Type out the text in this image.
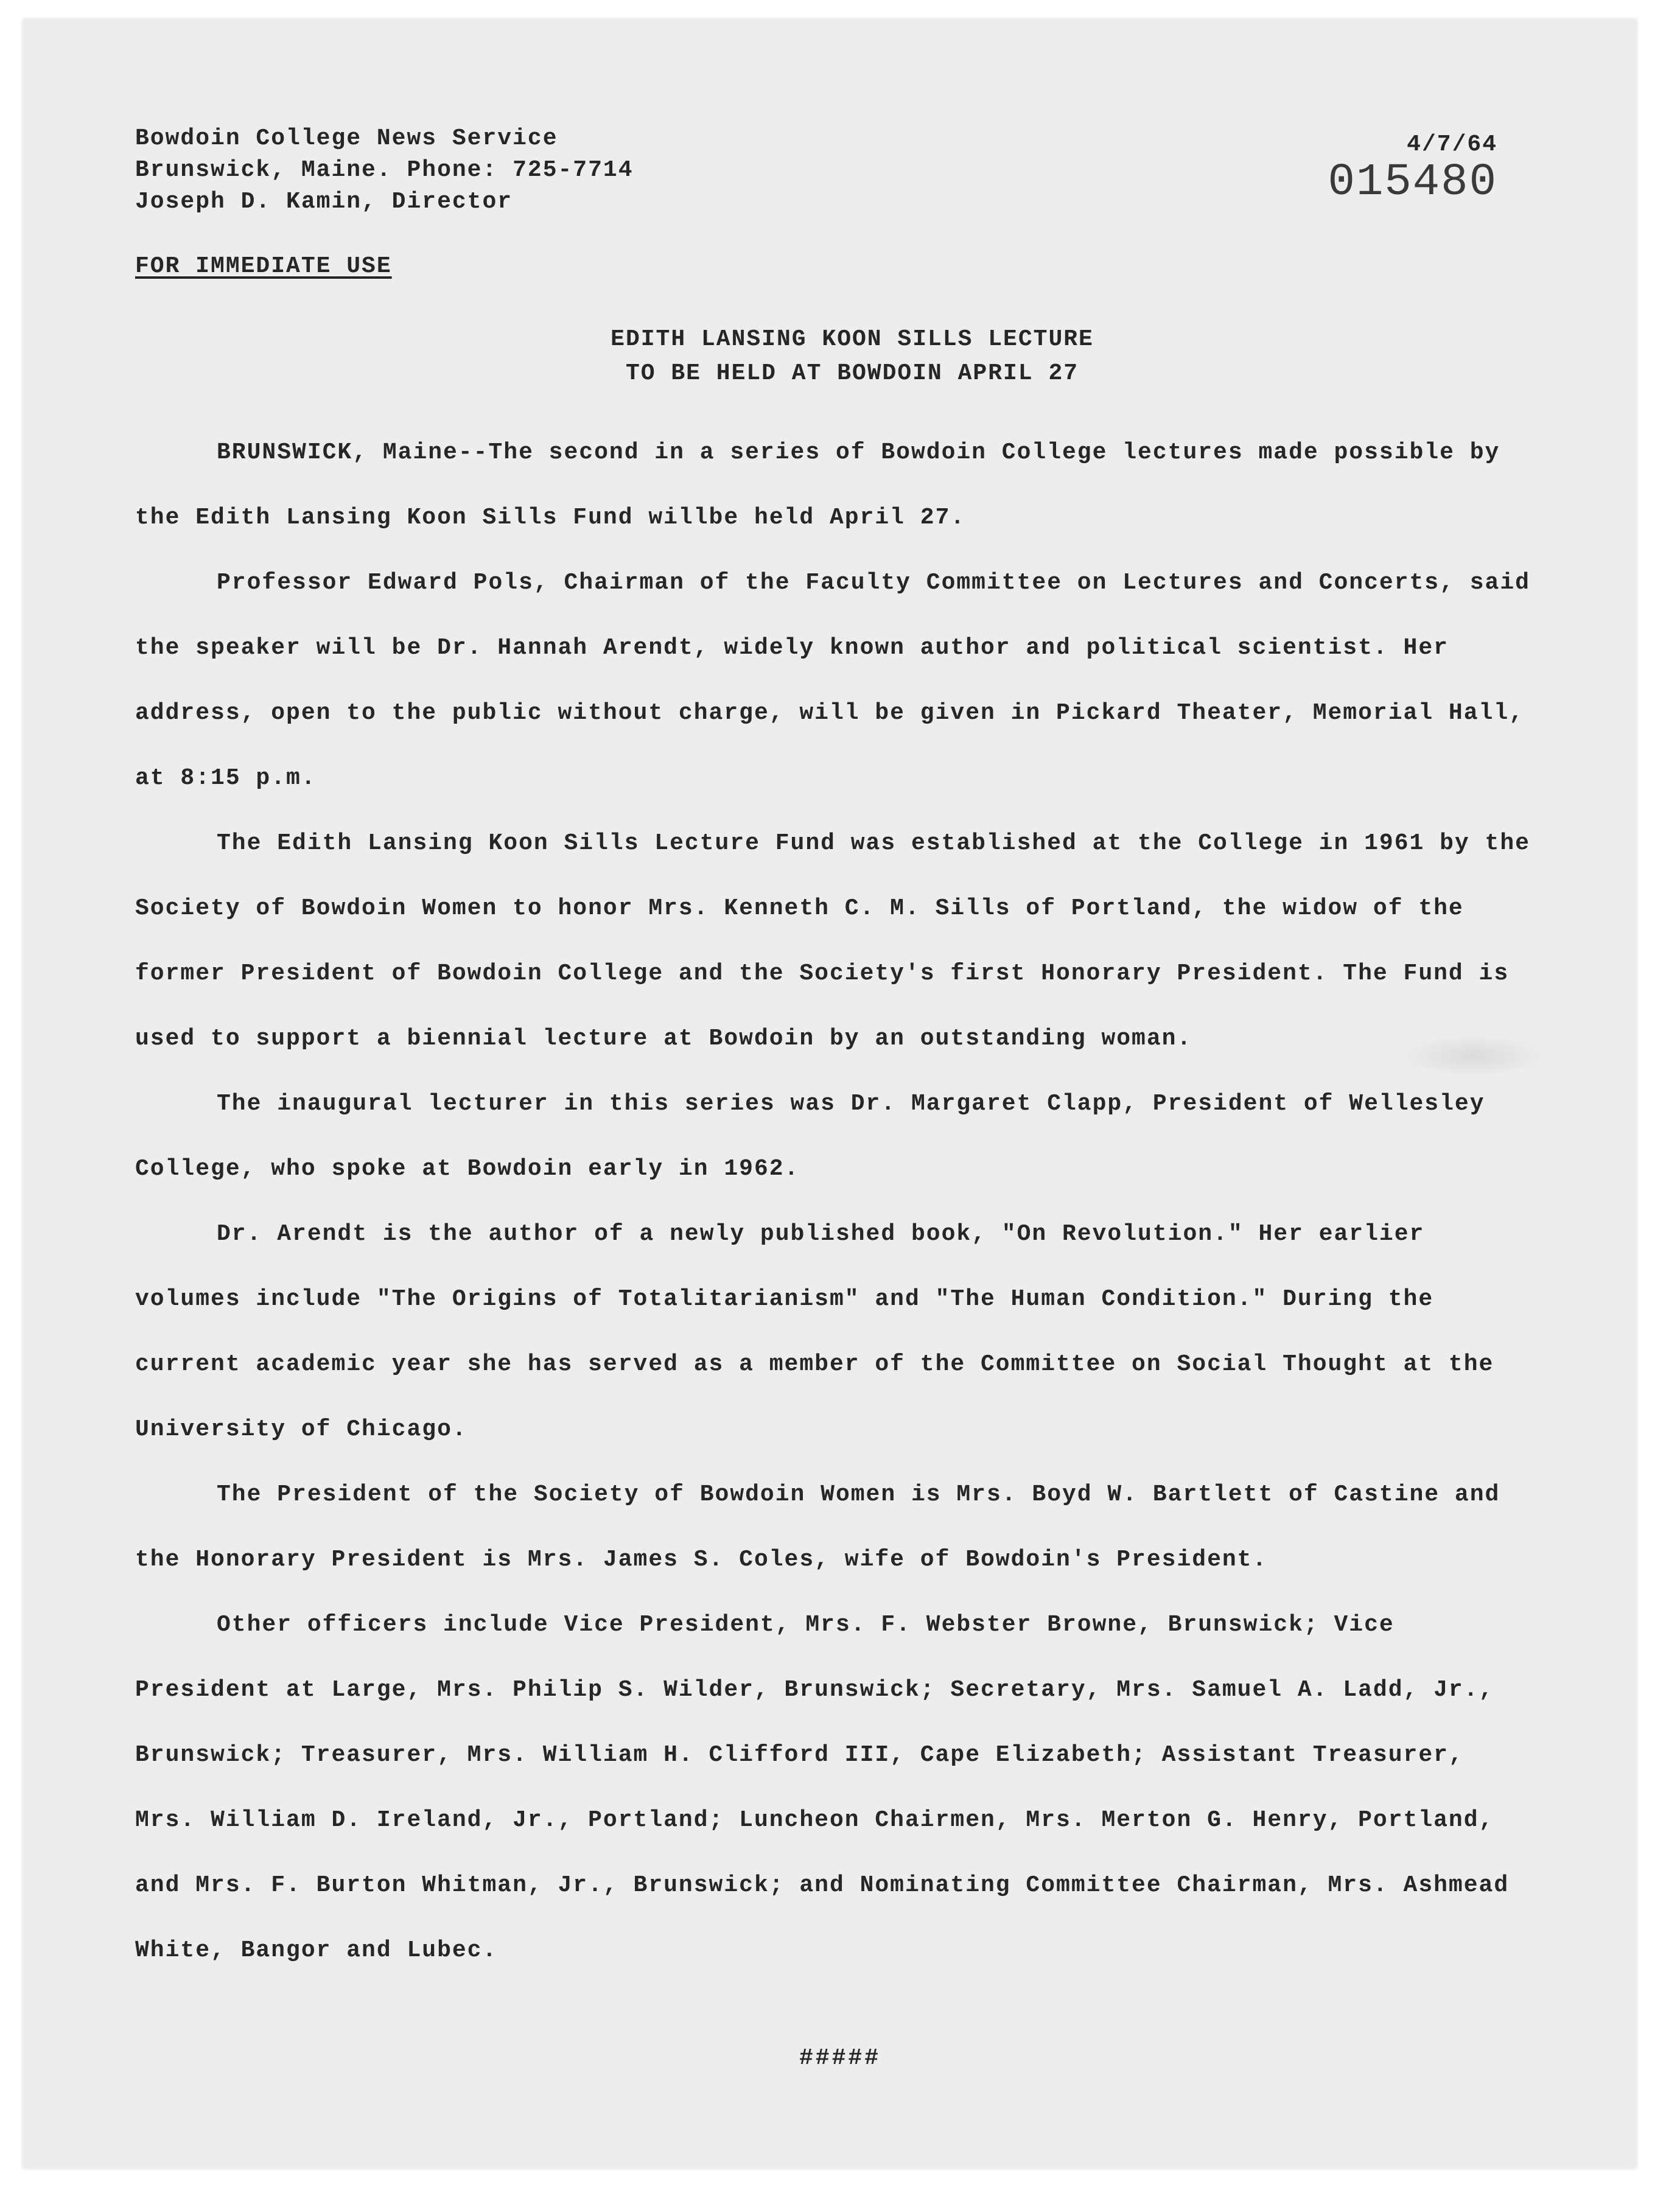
Bowdoin College News Service
Brunswick, Maine. Phone: 725-7714
Joseph D. Kamin, Director
4/7/64
015480
FOR IMMEDIATE USE
EDITH LANSING KOON SILLS LECTURE
TO BE HELD AT BOWDOIN APRIL 27

BRUNSWICK, Maine--The second in a series of Bowdoin College lectures made possible by the Edith Lansing Koon Sills Fund willbe held April 27.

Professor Edward Pols, Chairman of the Faculty Committee on Lectures and Concerts, said the speaker will be Dr. Hannah Arendt, widely known author and political scientist. Her address, open to the public without charge, will be given in Pickard Theater, Memorial Hall, at 8:15 p.m.

The Edith Lansing Koon Sills Lecture Fund was established at the College in 1961 by the Society of Bowdoin Women to honor Mrs. Kenneth C. M. Sills of Portland, the widow of the former President of Bowdoin College and the Society's first Honorary President. The Fund is used to support a biennial lecture at Bowdoin by an outstanding woman.

The inaugural lecturer in this series was Dr. Margaret Clapp, President of Wellesley College, who spoke at Bowdoin early in 1962.

Dr. Arendt is the author of a newly published book, "On Revolution." Her earlier volumes include "The Origins of Totalitarianism" and "The Human Condition." During the current academic year she has served as a member of the Committee on Social Thought at the University of Chicago.

The President of the Society of Bowdoin Women is Mrs. Boyd W. Bartlett of Castine and the Honorary President is Mrs. James S. Coles, wife of Bowdoin's President.

Other officers include Vice President, Mrs. F. Webster Browne, Brunswick; Vice President at Large, Mrs. Philip S. Wilder, Brunswick; Secretary, Mrs. Samuel A. Ladd, Jr., Brunswick; Treasurer, Mrs. William H. Clifford III, Cape Elizabeth; Assistant Treasurer, Mrs. William D. Ireland, Jr., Portland; Luncheon Chairmen, Mrs. Merton G. Henry, Portland, and Mrs. F. Burton Whitman, Jr., Brunswick; and Nominating Committee Chairman, Mrs. Ashmead White, Bangor and Lubec.

#####
